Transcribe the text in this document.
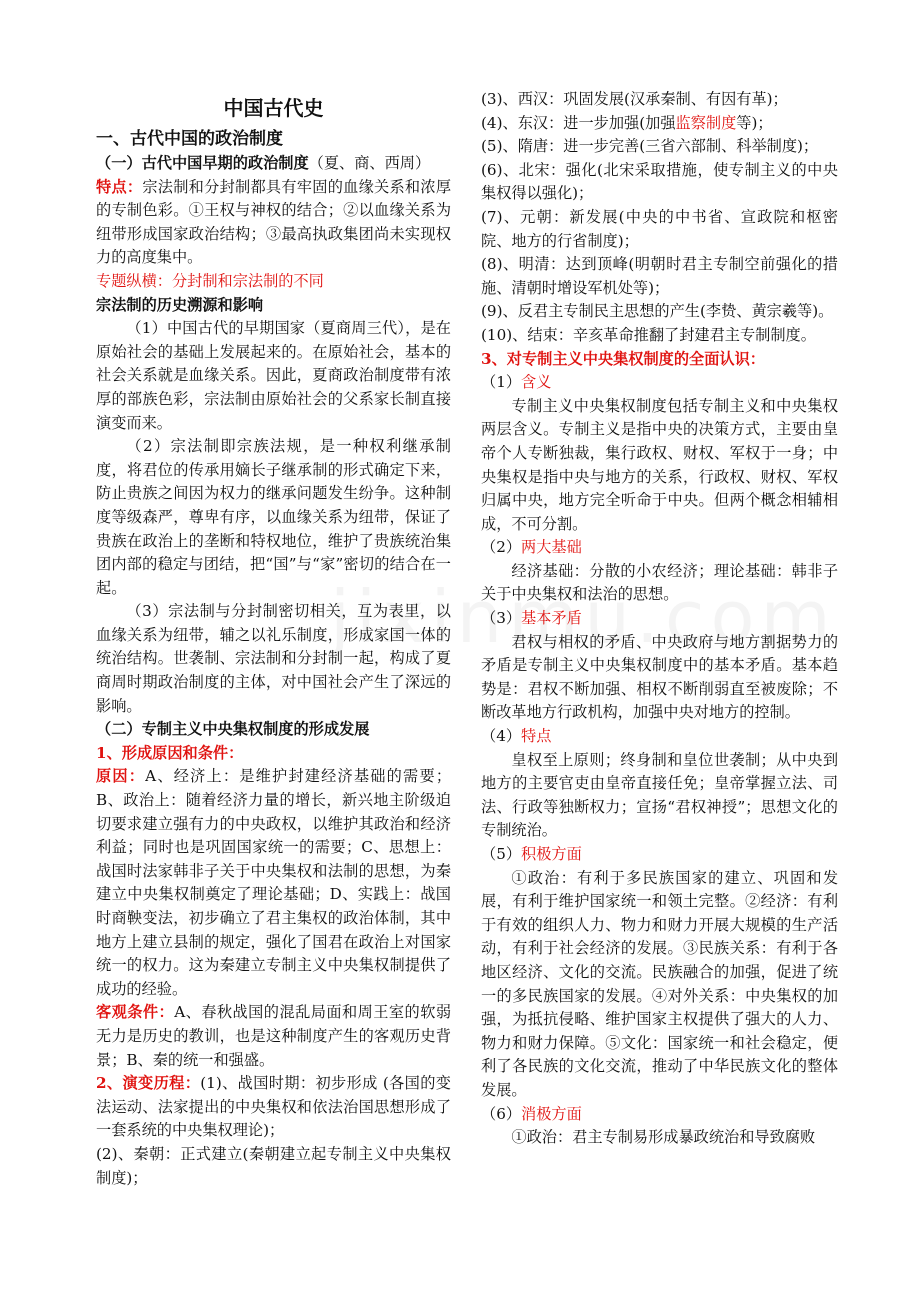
中国古代史

一、古代中国的政治制度

（一）古代中国早期的政治制度（夏、商、西周）

特点：宗法制和分封制都具有牢固的血缘关系和浓厚的专制色彩。①王权与神权的结合；②以血缘关系为纽带形成国家政治结构；③最高执政集团尚未实现权力的高度集中。

专题纵横：分封制和宗法制的不同

宗法制的历史溯源和影响

（1）中国古代的早期国家（夏商周三代），是在原始社会的基础上发展起来的。在原始社会，基本的社会关系就是血缘关系。因此，夏商政治制度带有浓厚的部族色彩，宗法制由原始社会的父系家长制直接演变而来。

（2）宗法制即宗族法规，是一种权利继承制度，将君位的传承用嫡长子继承制的形式确定下来，防止贵族之间因为权力的继承问题发生纷争。这种制度等级森严，尊卑有序，以血缘关系为纽带，保证了贵族在政治上的垄断和特权地位，维护了贵族统治集团内部的稳定与团结，把“国”与“家”密切的结合在一起。

（3）宗法制与分封制密切相关，互为表里，以血缘关系为纽带，辅之以礼乐制度，形成家国一体的统治结构。世袭制、宗法制和分封制一起，构成了夏商周时期政治制度的主体，对中国社会产生了深远的影响。

（二）专制主义中央集权制度的形成发展

1、形成原因和条件：

原因：A、经济上：是维护封建经济基础的需要；B、政治上：随着经济力量的增长，新兴地主阶级迫切要求建立强有力的中央政权，以维护其政治和经济利益；同时也是巩固国家统一的需要；C、思想上：战国时法家韩非子关于中央集权和法制的思想，为秦建立中央集权制奠定了理论基础；D、实践上：战国时商鞅变法，初步确立了君主集权的政治体制，其中地方上建立县制的规定，强化了国君在政治上对国家统一的权力。这为秦建立专制主义中央集权制提供了成功的经验。

客观条件：A、春秋战国的混乱局面和周王室的软弱无力是历史的教训，也是这种制度产生的客观历史背景；B、秦的统一和强盛。

2、演变历程：(1)、战国时期：初步形成 (各国的变法运动、法家提出的中央集权和依法治国思想形成了一套系统的中央集权理论)；

(2)、秦朝：正式建立(秦朝建立起专制主义中央集权制度)；

(3)、西汉：巩固发展(汉承秦制、有因有革)；

(4)、东汉：进一步加强(加强监察制度等)；

(5)、隋唐：进一步完善(三省六部制、科举制度)；

(6)、北宋：强化(北宋采取措施，使专制主义的中央集权得以强化)；

(7)、元朝：新发展(中央的中书省、宣政院和枢密院、地方的行省制度)；

(8)、明清：达到顶峰(明朝时君主专制空前强化的措施、清朝时增设军机处等)；

(9)、反君主专制民主思想的产生(李贽、黄宗羲等)。

(10)、结束：辛亥革命推翻了封建君主专制制度。

3、对专制主义中央集权制度的全面认识：

（1）含义

专制主义中央集权制度包括专制主义和中央集权两层含义。专制主义是指中央的决策方式，主要由皇帝个人专断独裁，集行政权、财权、军权于一身；中央集权是指中央与地方的关系，行政权、财权、军权归属中央，地方完全听命于中央。但两个概念相辅相成，不可分割。

（2）两大基础

经济基础：分散的小农经济；理论基础：韩非子关于中央集权和法治的思想。

（3）基本矛盾

君权与相权的矛盾、中央政府与地方割据势力的矛盾是专制主义中央集权制度中的基本矛盾。基本趋势是：君权不断加强、相权不断削弱直至被废除；不断改革地方行政机构，加强中央对地方的控制。

（4）特点

皇权至上原则；终身制和皇位世袭制；从中央到地方的主要官吏由皇帝直接任免；皇帝掌握立法、司法、行政等独断权力；宣扬“君权神授”；思想文化的专制统治。

（5）积极方面

①政治：有利于多民族国家的建立、巩固和发展，有利于维护国家统一和领土完整。②经济：有利于有效的组织人力、物力和财力开展大规模的生产活动，有利于社会经济的发展。③民族关系：有利于各地区经济、文化的交流。民族融合的加强，促进了统一的多民族国家的发展。④对外关系：中央集权的加强，为抵抗侵略、维护国家主权提供了强大的人力、物力和财力保障。⑤文化：国家统一和社会稳定，便利了各民族的文化交流，推动了中华民族文化的整体发展。

（6）消极方面

①政治：君主专制易形成暴政统治和导致腐败
